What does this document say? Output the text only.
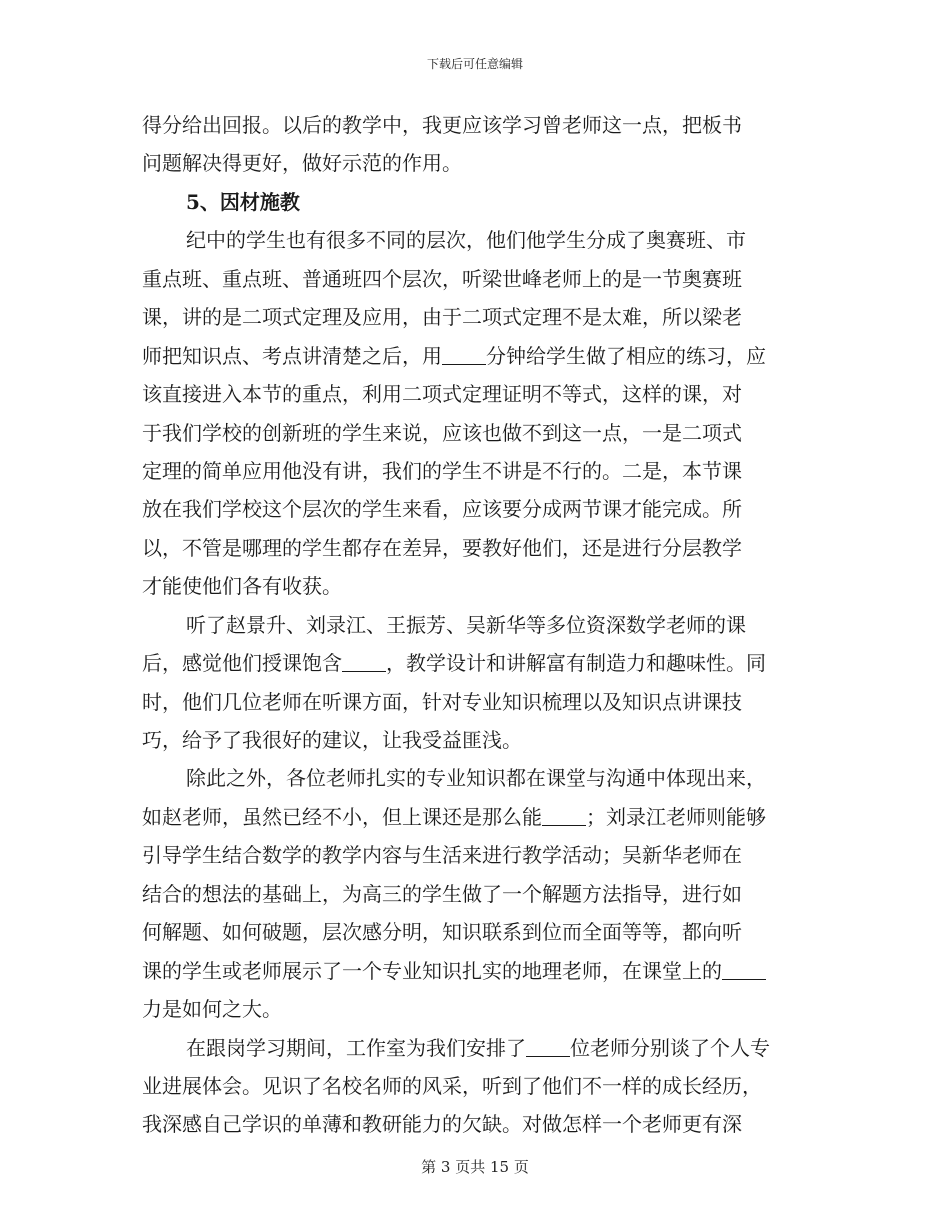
下载后可任意编辑
得分给出回报。以后的教学中，我更应该学习曾老师这一点，把板书
问题解决得更好，做好示范的作用。
5、因材施教
纪中的学生也有很多不同的层次，他们他学生分成了奥赛班、市
重点班、重点班、普通班四个层次，听梁世峰老师上的是一节奥赛班
课，讲的是二项式定理及应用，由于二项式定理不是太难，所以梁老
师把知识点、考点讲清楚之后，用 分钟给学生做了相应的练习，应
该直接进入本节的重点，利用二项式定理证明不等式，这样的课，对
于我们学校的创新班的学生来说，应该也做不到这一点，一是二项式
定理的简单应用他没有讲，我们的学生不讲是不行的。二是，本节课
放在我们学校这个层次的学生来看，应该要分成两节课才能完成。所
以，不管是哪理的学生都存在差异，要教好他们，还是进行分层教学
才能使他们各有收获。
听了赵景升、刘录江、王振芳、吴新华等多位资深数学老师的课
后，感觉他们授课饱含 ，教学设计和讲解富有制造力和趣味性。同
时，他们几位老师在听课方面，针对专业知识梳理以及知识点讲课技
巧，给予了我很好的建议，让我受益匪浅。
除此之外，各位老师扎实的专业知识都在课堂与沟通中体现出来，
如赵老师，虽然已经不小，但上课还是那么能 ；刘录江老师则能够
引导学生结合数学的教学内容与生活来进行教学活动；吴新华老师在
结合的想法的基础上，为高三的学生做了一个解题方法指导，进行如
何解题、如何破题，层次感分明，知识联系到位而全面等等，都向听
课的学生或老师展示了一个专业知识扎实的地理老师，在课堂上的
力是如何之大。
在跟岗学习期间，工作室为我们安排了 位老师分别谈了个人专
业进展体会。见识了名校名师的风采，听到了他们不一样的成长经历，
我深感自己学识的单薄和教研能力的欠缺。对做怎样一个老师更有深
第 3 页共 15 页
